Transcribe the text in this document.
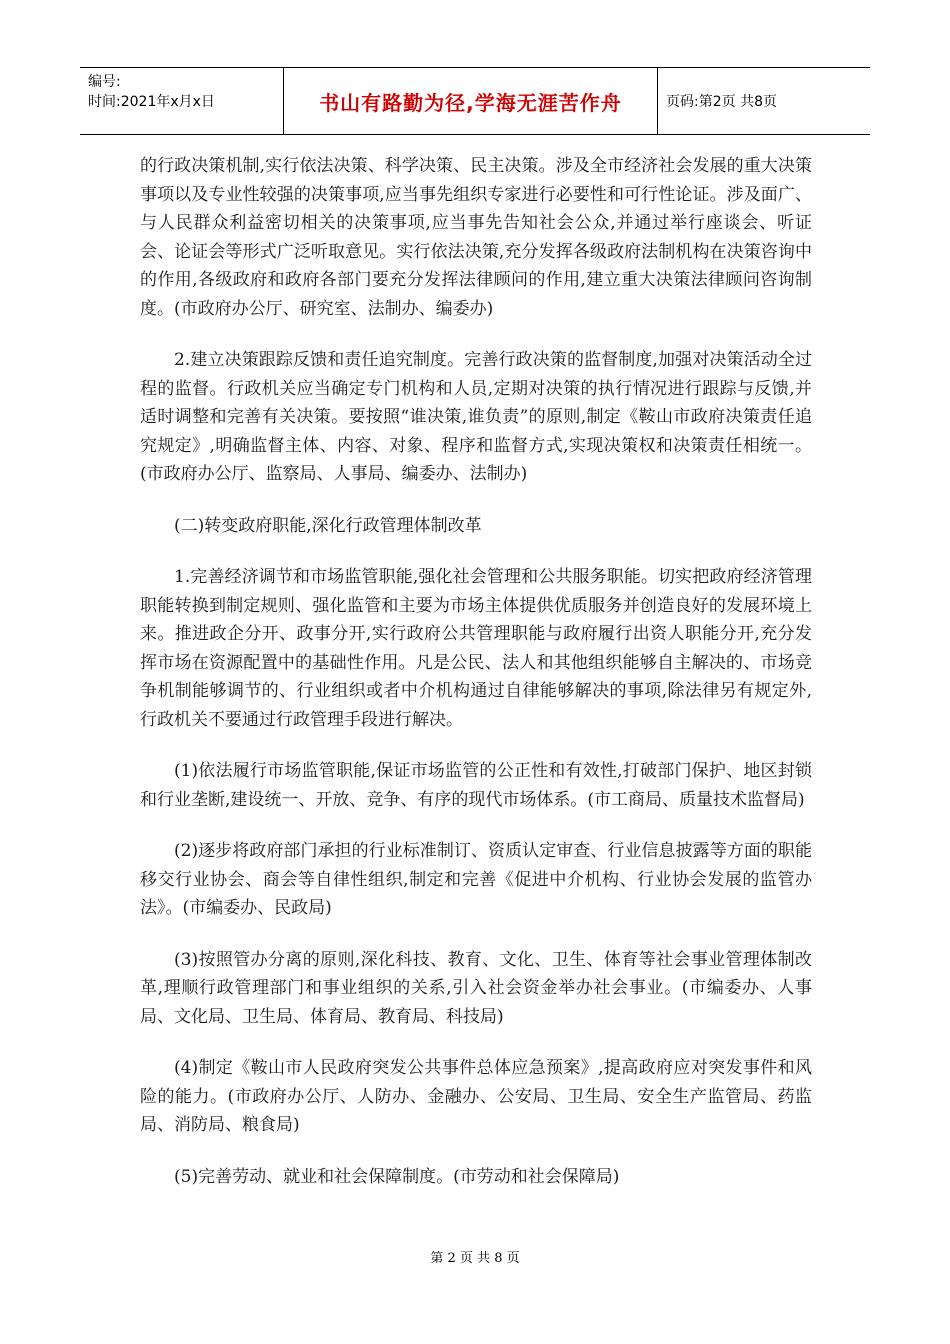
编号:
时间:2021年x月x日	书山有路勤为径,学海无涯苦作舟	页码:第2页 共8页

的行政决策机制,实行依法决策、科学决策、民主决策。涉及全市经济社会发展的重大决策事项以及专业性较强的决策事项,应当事先组织专家进行必要性和可行性论证。涉及面广、与人民群众利益密切相关的决策事项,应当事先告知社会公众,并通过举行座谈会、听证会、论证会等形式广泛听取意见。实行依法决策,充分发挥各级政府法制机构在决策咨询中的作用,各级政府和政府各部门要充分发挥法律顾问的作用,建立重大决策法律顾问咨询制度。(市政府办公厅、研究室、法制办、编委办)

2.建立决策跟踪反馈和责任追究制度。完善行政决策的监督制度,加强对决策活动全过程的监督。行政机关应当确定专门机构和人员,定期对决策的执行情况进行跟踪与反馈,并适时调整和完善有关决策。要按照“谁决策,谁负责”的原则,制定《鞍山市政府决策责任追究规定》,明确监督主体、内容、对象、程序和监督方式,实现决策权和决策责任相统一。(市政府办公厅、监察局、人事局、编委办、法制办)

(二)转变政府职能,深化行政管理体制改革

1.完善经济调节和市场监管职能,强化社会管理和公共服务职能。切实把政府经济管理职能转换到制定规则、强化监管和主要为市场主体提供优质服务并创造良好的发展环境上来。推进政企分开、政事分开,实行政府公共管理职能与政府履行出资人职能分开,充分发挥市场在资源配置中的基础性作用。凡是公民、法人和其他组织能够自主解决的、市场竞争机制能够调节的、行业组织或者中介机构通过自律能够解决的事项,除法律另有规定外,行政机关不要通过行政管理手段进行解决。

(1)依法履行市场监管职能,保证市场监管的公正性和有效性,打破部门保护、地区封锁和行业垄断,建设统一、开放、竞争、有序的现代市场体系。(市工商局、质量技术监督局)

(2)逐步将政府部门承担的行业标准制订、资质认定审查、行业信息披露等方面的职能移交行业协会、商会等自律性组织,制定和完善《促进中介机构、行业协会发展的监管办法》。(市编委办、民政局)

(3)按照管办分离的原则,深化科技、教育、文化、卫生、体育等社会事业管理体制改革,理顺行政管理部门和事业组织的关系,引入社会资金举办社会事业。(市编委办、人事局、文化局、卫生局、体育局、教育局、科技局)

(4)制定《鞍山市人民政府突发公共事件总体应急预案》,提高政府应对突发事件和风险的能力。(市政府办公厅、人防办、金融办、公安局、卫生局、安全生产监管局、药监局、消防局、粮食局)

(5)完善劳动、就业和社会保障制度。(市劳动和社会保障局)

第 2 页 共 8 页
